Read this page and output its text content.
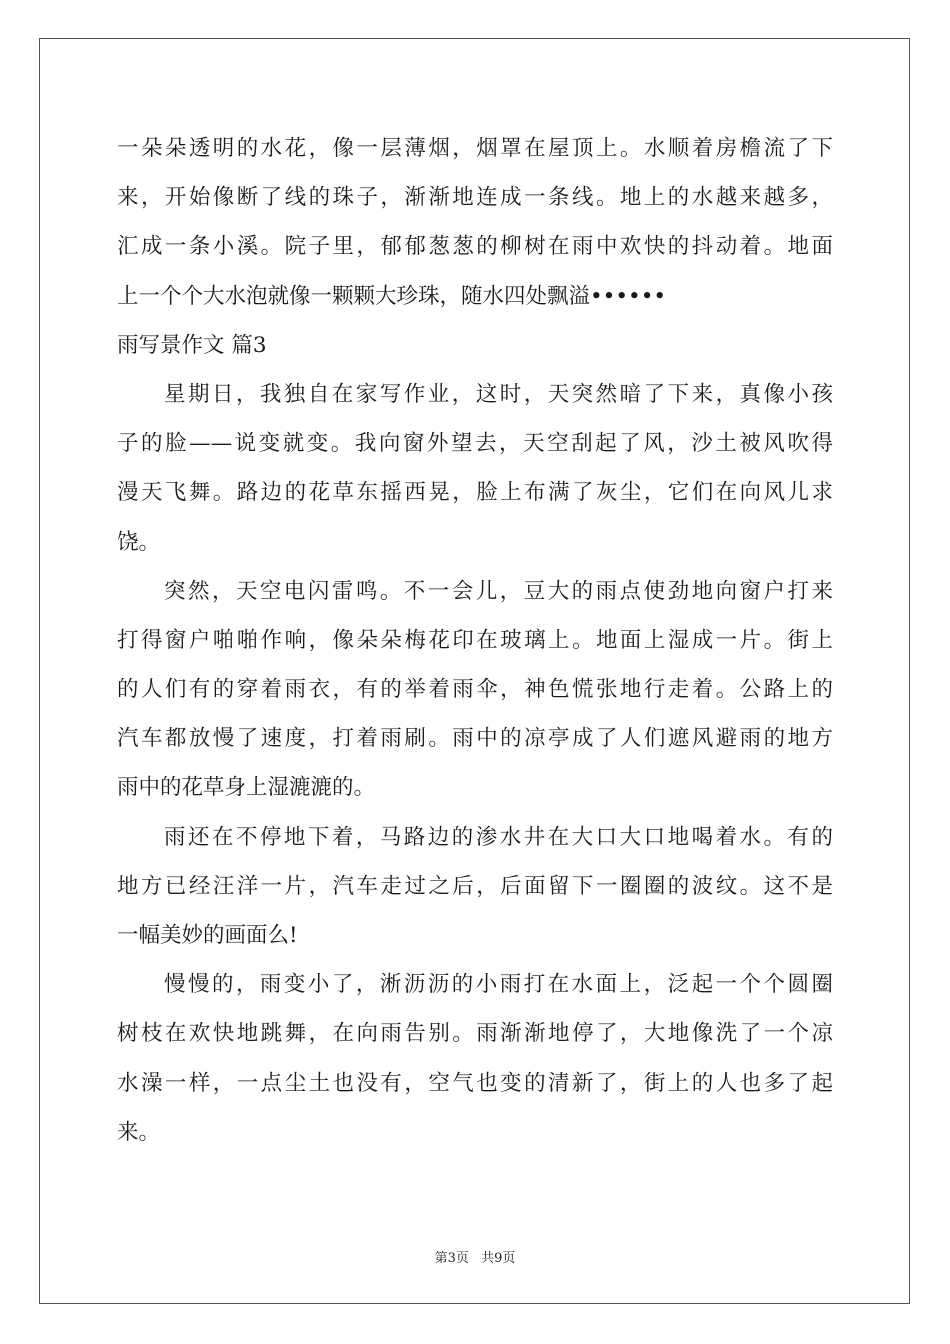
一朵朵透明的水花，像一层薄烟，烟罩在屋顶上。水顺着房檐流了下
来，开始像断了线的珠子，渐渐地连成一条线。地上的水越来越多，
汇成一条小溪。院子里，郁郁葱葱的柳树在雨中欢快的抖动着。地面
上一个个大水泡就像一颗颗大珍珠，随水四处飘溢••••••
雨写景作文 篇3
星期日，我独自在家写作业，这时，天突然暗了下来，真像小孩
子的脸——说变就变。我向窗外望去，天空刮起了风，沙土被风吹得
漫天飞舞。路边的花草东摇西晃，脸上布满了灰尘，它们在向风儿求
饶。
突然，天空电闪雷鸣。不一会儿，豆大的雨点使劲地向窗户打来
打得窗户啪啪作响，像朵朵梅花印在玻璃上。地面上湿成一片。街上
的人们有的穿着雨衣，有的举着雨伞，神色慌张地行走着。公路上的
汽车都放慢了速度，打着雨刷。雨中的凉亭成了人们遮风避雨的地方
雨中的花草身上湿漉漉的。
雨还在不停地下着，马路边的渗水井在大口大口地喝着水。有的
地方已经汪洋一片，汽车走过之后，后面留下一圈圈的波纹。这不是
一幅美妙的画面么!
慢慢的，雨变小了，淅沥沥的小雨打在水面上，泛起一个个圆圈
树枝在欢快地跳舞，在向雨告别。雨渐渐地停了，大地像洗了一个凉
水澡一样，一点尘土也没有，空气也变的清新了，街上的人也多了起
来。
第3页 共9页
